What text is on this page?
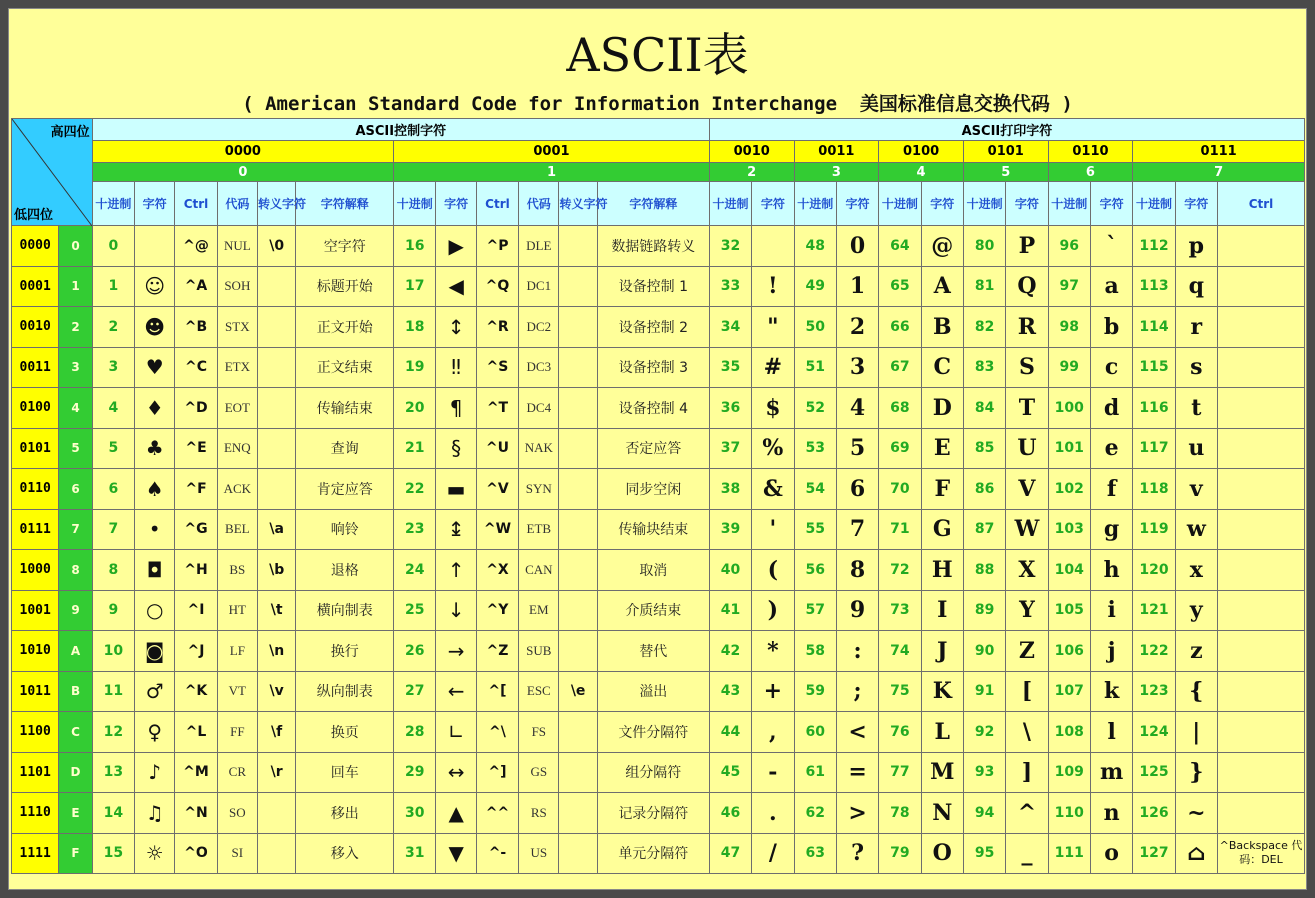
ASCII表
( American Standard Code for Information Interchange  美国标准信息交换代码 )
高四位
低四位		ASCII控制字符												ASCII打印字符												
		0000						0001						0010		0011		0100		0101		0110		0111		
		0						1						2		3		4		5		6		7		
		十进制	字符	Ctrl	代码	转义字符	字符解释	十进制	字符	Ctrl	代码	转义字符	字符解释	十进制	字符	十进制	字符	十进制	字符	十进制	字符	十进制	字符	十进制	字符	Ctrl
0000	0	0		^@	NUL	\0	空字符	16	▶	^P	DLE		数据链路转义	32		48	0	64	@	80	P	96	`	112	p	
0001	1	1	☺	^A	SOH		标题开始	17	◀	^Q	DC1		设备控制 1	33	!	49	1	65	A	81	Q	97	a	113	q	
0010	2	2	☻	^B	STX		正文开始	18	↕	^R	DC2		设备控制 2	34	"	50	2	66	B	82	R	98	b	114	r	
0011	3	3	♥	^C	ETX		正文结束	19	‼	^S	DC3		设备控制 3	35	#	51	3	67	C	83	S	99	c	115	s	
0100	4	4	♦	^D	EOT		传输结束	20	¶	^T	DC4		设备控制 4	36	$	52	4	68	D	84	T	100	d	116	t	
0101	5	5	♣	^E	ENQ		查询	21	§	^U	NAK		否定应答	37	%	53	5	69	E	85	U	101	e	117	u	
0110	6	6	♠	^F	ACK		肯定应答	22	▬	^V	SYN		同步空闲	38	&	54	6	70	F	86	V	102	f	118	v	
0111	7	7	•	^G	BEL	\a	响铃	23	↨	^W	ETB		传输块结束	39	'	55	7	71	G	87	W	103	g	119	w	
1000	8	8	◘	^H	BS	\b	退格	24	↑	^X	CAN		取消	40	(	56	8	72	H	88	X	104	h	120	x	
1001	9	9	○	^I	HT	\t	横向制表	25	↓	^Y	EM		介质结束	41	)	57	9	73	I	89	Y	105	i	121	y	
1010	A	10	◙	^J	LF	\n	换行	26	→	^Z	SUB		替代	42	*	58	:	74	J	90	Z	106	j	122	z	
1011	B	11	♂	^K	VT	\v	纵向制表	27	←	^[	ESC	\e	溢出	43	+	59	;	75	K	91	[	107	k	123	{	
1100	C	12	♀	^L	FF	\f	换页	28	∟	^\	FS		文件分隔符	44	,	60	<	76	L	92	\	108	l	124	|	
1101	D	13	♪	^M	CR	\r	回车	29	↔	^]	GS		组分隔符	45	-	61	=	77	M	93	]	109	m	125	}	
1110	E	14	♫	^N	SO		移出	30	▲	^^	RS		记录分隔符	46	.	62	>	78	N	94	^	110	n	126	~	
1111	F	15	☼	^O	SI		移入	31	▼	^-	US		单元分隔符	47	/	63	?	79	O	95	_	111	o	127	⌂	^Backspace 代码：DEL
